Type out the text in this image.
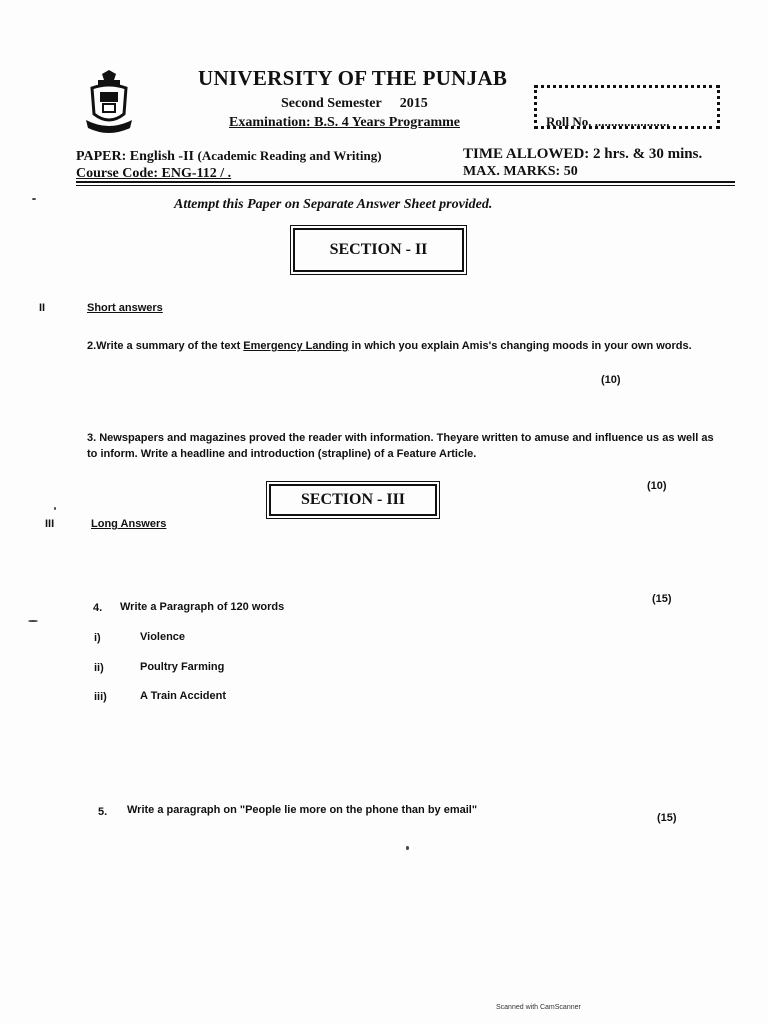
UNIVERSITY OF THE PUNJAB
Second Semester 2015
Examination: B.S. 4 Years Programme	Roll No. .......................
PAPER: English -II (Academic Reading and Writing)
Course Code: ENG-112 / .
TIME ALLOWED: 2 hrs. & 30 mins.
MAX. MARKS: 50
Attempt this Paper on Separate Answer Sheet provided.
SECTION - II
II	Short answers
2.Write a summary of the text Emergency Landing in which you explain Amis's changing moods in your own words.
(10)
3. Newspapers and magazines proved the reader with information. Theyare written to amuse and influence us as well as to inform. Write a headline and introduction (strapline) of a Feature Article.
(10)
SECTION - III
III	Long Answers
4. Write a Paragraph of 120 words
(15)
i)	Violence
ii)	Poultry Farming
iii)	A Train Accident
5. Write a paragraph on "People lie more on the phone than by email"
(15)
Scanned with CamScanner
